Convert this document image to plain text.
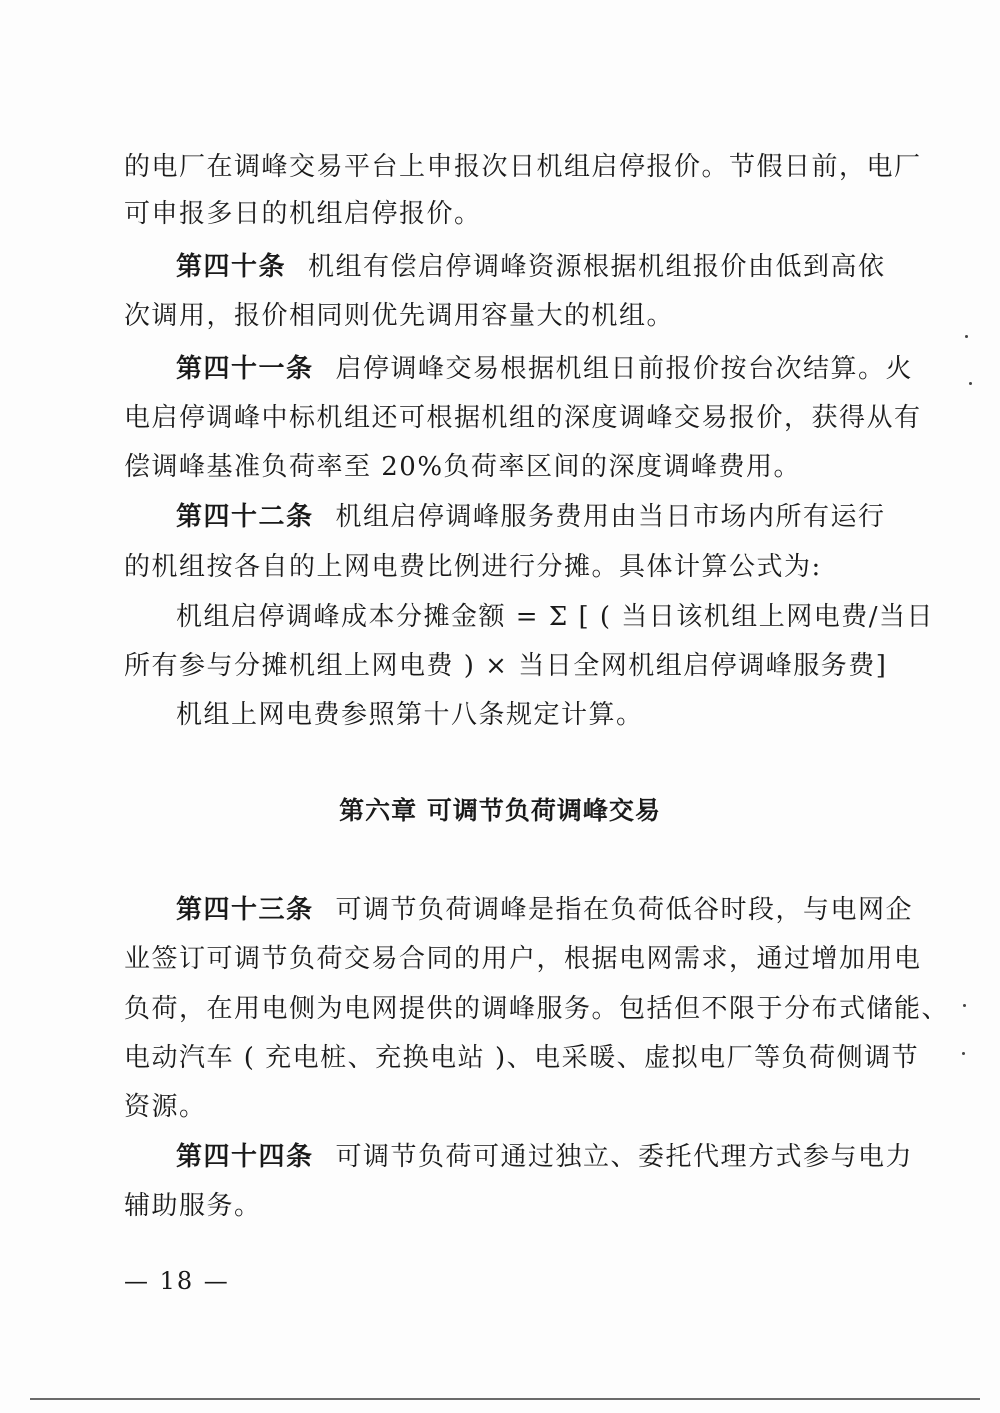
的电厂在调峰交易平台上申报次日机组启停报价。节假日前，电厂
可申报多日的机组启停报价。
第四十条 机组有偿启停调峰资源根据机组报价由低到高依
次调用，报价相同则优先调用容量大的机组。
第四十一条 启停调峰交易根据机组日前报价按台次结算。火
电启停调峰中标机组还可根据机组的深度调峰交易报价，获得从有
偿调峰基准负荷率至 20%负荷率区间的深度调峰费用。
第四十二条 机组启停调峰服务费用由当日市场内所有运行
的机组按各自的上网电费比例进行分摊。具体计算公式为:
机组启停调峰成本分摊金额 = Σ [ ( 当日该机组上网电费/当日
所有参与分摊机组上网电费 ) × 当日全网机组启停调峰服务费]
机组上网电费参照第十八条规定计算。
第六章 可调节负荷调峰交易
第四十三条 可调节负荷调峰是指在负荷低谷时段，与电网企
业签订可调节负荷交易合同的用户，根据电网需求，通过增加用电
负荷，在用电侧为电网提供的调峰服务。包括但不限于分布式储能、
电动汽车 ( 充电桩、充换电站 )、电采暖、虚拟电厂等负荷侧调节
资源。
第四十四条 可调节负荷可通过独立、委托代理方式参与电力
辅助服务。
— 18 —
